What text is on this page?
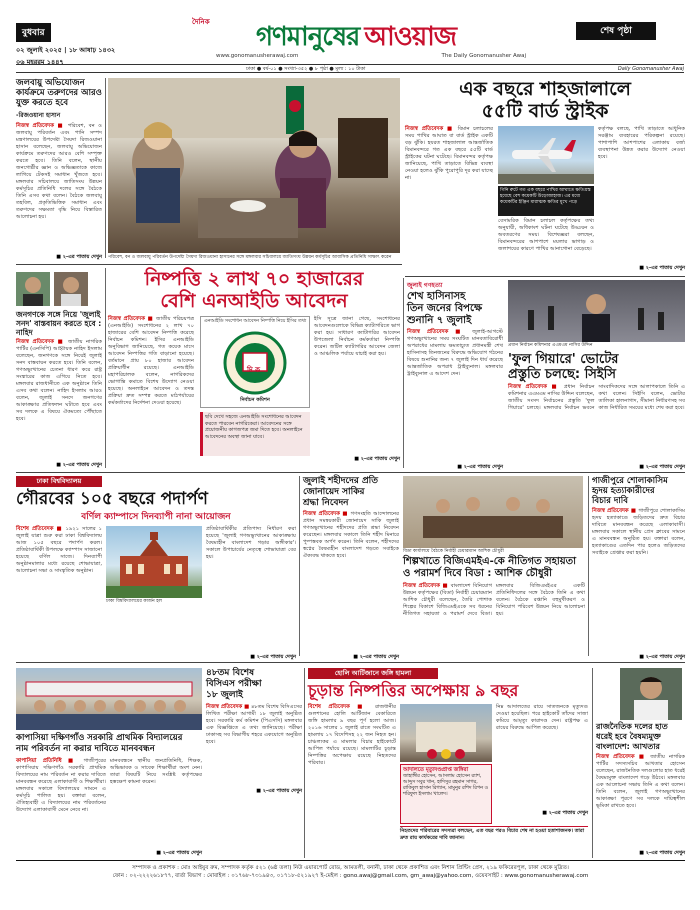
বুধবার
০২ জুলাই ২০২৫ | ১৮ আষাঢ় ১৪৩২
০৬ মহররম ১৪৪৭
দৈনিক গণমানুষের আওয়াজ
www.gonomanusherawaj.com	The Daily Gonomanusher Awaj
শেষ পৃষ্ঠা
ঢাকা ● বর্ষ-০১ ● সংখ্যা-৩৫২ ● ৮ পৃষ্ঠা ● মূল্য : ১০ টাকা	Daily Gonomanusher Awaj
জলবায়ু অভিযোজন কার্যক্রমে তরুণদের আরও যুক্ত করতে হবে
-রিজওয়ানা হাসান
নিজস্ব প্রতিবেদক ■ পরিবেশ, বন ও জলবায়ু পরিবর্তন এবং পানি সম্পদ মন্ত্রণালয়ের উপদেষ্টা সৈয়দা রিজওয়ানা হাসান বলেছেন, জলবায়ু অভিযোজন কার্যক্রমে তরুণদের আরও বেশি সম্পৃক্ত করতে হবে। তিনি বলেন, স্থানীয় জনগোষ্ঠীর জ্ঞান ও অভিজ্ঞতাকে কাজে লাগিয়ে টেকসই সমাধান খুঁজতে হবে। মঙ্গলবার সচিবালয়ে জাতিসংঘ উন্নয়ন কর্মসূচির প্রতিনিধি দলের সঙ্গে বৈঠকে তিনি এসব কথা বলেন। বৈঠকে জলবায়ু তহবিল, প্রকৃতিভিত্তিক সমাধান এবং তরুণদের সক্ষমতা বৃদ্ধি নিয়ে বিস্তারিত আলোচনা হয়।
■ ২-এর পাতায় দেখুন পরিবেশ, বন ও জলবায়ু পরিবর্তন উপদেষ্টা সৈয়দা রিজওয়ানা হাসানের সঙ্গে মঙ্গলবার সচিবালয়ে জাতিসংঘ উন্নয়ন কর্মসূচির আবাসিক প্রতিনিধি সাক্ষাৎ করেন
এক বছরে শাহজালালে
৫৫টি বার্ড স্ট্রাইক
নিজস্ব প্রতিবেদক ■ বিমান চলাচলের সময় পাখির আঘাত বা বার্ড স্ট্রাইক একটি বড় ঝুঁকি। হযরত শাহজালাল আন্তর্জাতিক বিমানবন্দরে গত এক বছরে ৫৫টি বার্ড স্ট্রাইকের ঘটনা ঘটেছে। বিমানবন্দর কর্তৃপক্ষ জানিয়েছে, পাখি তাড়াতে বিভিন্ন ব্যবস্থা নেওয়া হলেও ঝুঁকি পুরোপুরি দূর করা যাচ্ছে না।
গিনি রুটে গত এক বছরে পাখির আঘাতে ক্ষতিগ্রস্ত হয়েছে বেশ কয়েকটি উড়োজাহাজ। এর মধ্যে কয়েকটির ইঞ্জিন মারাত্মক ক্ষতির মুখে পড়ে
বেসামরিক বিমান চলাচল কর্তৃপক্ষের তথ্য অনুযায়ী, অধিকাংশ ঘটনা ঘটেছে উড্ডয়ন ও অবতরণের সময়। বিশেষজ্ঞরা বলছেন, বিমানবন্দরের আশপাশে ময়লার ভাগাড় ও জলাশয়ের কারণে পাখির আনাগোনা বেড়েছে।
কর্তৃপক্ষ বলছে, পাখি তাড়াতে আধুনিক সরঞ্জাম ব্যবহারের পরিকল্পনা রয়েছে। পাশাপাশি আশপাশের এলাকায় বর্জ্য ব্যবস্থাপনা উন্নত করার উদ্যোগ নেওয়া হবে।
■ ২-এর পাতায় দেখুন
জনগণকে সঙ্গে নিয়ে 'জুলাই সনদ' বাস্তবায়ন করতে হবে : নাহিদ
নিজস্ব প্রতিবেদক ■ জাতীয় নাগরিক পার্টির (এনসিপি) আহ্বায়ক নাহিদ ইসলাম বলেছেন, জনগণকে সঙ্গে নিয়েই জুলাই সনদ বাস্তবায়ন করতে হবে। তিনি বলেন, গণঅভ্যুত্থানের চেতনা ধারণ করে রাষ্ট্র সংস্কারের কাজ এগিয়ে নিতে হবে। মঙ্গলবার রাজধানীতে এক অনুষ্ঠানে তিনি এসব কথা বলেন। নাহিদ ইসলাম আরও বলেন, জুলাই সনদে জনগণের আকাঙ্ক্ষার প্রতিফলন ঘটাতে হবে এবং সব দলকে এ বিষয়ে ঐকমত্যে পৌঁছাতে হবে।
■ ২-এর পাতায় দেখুন
নিষ্পত্তি ২ লাখ ৭০ হাজারের
বেশি এনআইডি আবেদন
নিজস্ব প্রতিবেদক ■ জাতীয় পরিচয়পত্র (এনআইডি) সংশোধনের ২ লাখ ৭০ হাজারের বেশি আবেদন নিষ্পত্তি করেছে নির্বাচন কমিশন। ইসির এনআইডি অনুবিভাগ জানিয়েছে, গত কয়েক মাসে আবেদন নিষ্পত্তির গতি বাড়ানো হয়েছে। বর্তমানে প্রায় ৮০ হাজার আবেদন প্রক্রিয়াধীন রয়েছে। এনআইডি মহাপরিচালক বলেন, নাগরিকদের ভোগান্তি কমাতে বিশেষ উদ্যোগ নেওয়া হয়েছে। অনলাইনে আবেদন ও তদন্ত প্রক্রিয়া দ্রুত সম্পন্ন করতে মাঠপর্যায়ের কর্মকর্তাদের নির্দেশনা দেওয়া হয়েছে।
এনআইডি সংশোধন আবেদন নিষ্পত্তি নিয়ে ইসির তথ্য
দি ক
নির্বাচন কমিশন
ইসি সূত্রে জানা গেছে, সংশোধনের আবেদনগুলোকে বিভিন্ন ক্যাটাগরিতে ভাগ করা হয়। সাধারণ ক্যাটাগরির আবেদন উপজেলা নির্বাচন কর্মকর্তারা নিষ্পত্তি করেন। জটিল ক্যাটাগরির আবেদন জেলা ও আঞ্চলিক পর্যায়ে যাচাই করা হয়।
ছবি দেখে সহজে এনআইডি সংশোধনের আবেদন করতে পারবেন নাগরিকেরা। আবেদনের সঙ্গে প্রয়োজনীয় কাগজপত্র জমা দিতে হবে। অনলাইনে আবেদনের অবস্থা জানা যাবে।
■ ২-এর পাতায় দেখুন
জুলাই গণহত্যা
শেখ হাসিনাসহ
তিন জনের বিপক্ষে
শুনানি ৭ জুলাই
নিজস্ব প্রতিবেদক ■ জুলাই-আগস্টে গণঅভ্যুত্থানের সময় সংঘটিত মানবতাবিরোধী অপরাধের মামলায় ক্ষমতাচ্যুত প্রধানমন্ত্রী শেখ হাসিনাসহ তিনজনের বিরুদ্ধে অভিযোগ গঠনের বিষয়ে শুনানির জন্য ৭ জুলাই দিন ধার্য করেছে আন্তর্জাতিক অপরাধ ট্রাইব্যুনাল। মঙ্গলবার ট্রাইব্যুনাল এ আদেশ দেন।
■ ২-এর পাতায় দেখুন
প্রধান নির্বাচন কমিশনার এএমএম নাসির উদ্দিন
'ফুল গিয়ারে' ভোটের
প্রস্তুতি চলছে: সিইসি
নিজস্ব প্রতিবেদক ■ প্রধান নির্বাচন কমিশনার এএমএম নাসির উদ্দিন বলেছেন, জাতীয় সংসদ নির্বাচনের প্রস্তুতি 'ফুল গিয়ারে' চলছে। মঙ্গলবার নির্বাচন ভবনে সাংবাদিকদের সঙ্গে আলাপকালে তিনি এ কথা বলেন। সিইসি বলেন, ভোটার তালিকা হালনাগাদ, সীমানা নির্ধারণসহ সব কাজ নির্ধারিত সময়ের মধ্যে শেষ করা হবে।
■ ২-এর পাতায় দেখুন
ঢাকা বিশ্ববিদ্যালয়
গৌরবের ১০৫ বছরে পদার্পণ
বর্ণিল ক্যাম্পাসে দিনব্যাপী নানা আয়োজন
বিশেষ প্রতিবেদক ■ ১৯২১ সালের ১ জুলাই যাত্রা শুরু করা ঢাকা বিশ্ববিদ্যালয় আজ ১০৫ বছরে পদার্পণ করল। প্রতিষ্ঠাবার্ষিকী উপলক্ষে ক্যাম্পাস সাজানো হয়েছে বর্ণিল সাজে। দিনব্যাপী অনুষ্ঠানমালার মধ্যে রয়েছে শোভাযাত্রা, আলোচনা সভা ও সাংস্কৃতিক অনুষ্ঠান।
ঢাকা বিশ্ববিদ্যালয়ের কার্জন হল
প্রতিষ্ঠাবার্ষিকীর প্রতিপাদ্য নির্ধারণ করা হয়েছে 'জুলাই গণঅভ্যুত্থানের আকাঙ্ক্ষায় বৈষম্যহীন বাংলাদেশ গড়ার অঙ্গীকার'। সকালে উপাচার্যের নেতৃত্বে শোভাযাত্রা বের হয়।
■ ২-এর পাতায় দেখুন
জুলাই শহীদদের প্রতি
জোনায়েদ সাকির
শ্রদ্ধা নিবেদন
নিজস্ব প্রতিবেদক ■ গণসংহতি আন্দোলনের প্রধান সমন্বয়কারী জোনায়েদ সাকি জুলাই গণঅভ্যুত্থানের শহীদদের প্রতি শ্রদ্ধা নিবেদন করেছেন। মঙ্গলবার সকালে তিনি শহীদ মিনারে পুষ্পস্তবক অর্পণ করেন। তিনি বলেন, শহীদদের স্বপ্নের বৈষম্যহীন বাংলাদেশ গড়তে সবাইকে ঐক্যবদ্ধ থাকতে হবে।
■ ২-এর পাতায় দেখুন
বিডা কার্যালয়ে বৈঠকে নির্বাহী চেয়ারম্যান আশিক চৌধুরী
শিল্পখাতে বিজিএমইএ-কে নীতিগত সহায়তা
ও পরামর্শ দিবে বিডা : আশিক চৌধুরী
নিজস্ব প্রতিবেদক ■ বাংলাদেশ বিনিয়োগ উন্নয়ন কর্তৃপক্ষের (বিডা) নির্বাহী চেয়ারম্যান আশিক চৌধুরী বলেছেন, তৈরি পোশাক শিল্পের বিকাশে বিজিএমইএকে সব ধরনের নীতিগত সহায়তা ও পরামর্শ দেবে বিডা। মঙ্গলবার বিজিএমইএর একটি প্রতিনিধিদলের সঙ্গে বৈঠকে তিনি এ কথা বলেন। বৈঠকে রপ্তানি বহুমুখীকরণ ও বিনিয়োগ পরিবেশ উন্নয়ন নিয়ে আলোচনা হয়।
গাজীপুরে শোলাকাসিম
হৃদয় হত্যাকারীদের
বিচার দাবি
নিজস্ব প্রতিবেদক ■ গাজীপুরে শোলাকাসিম হৃদয় হত্যাকাণ্ডে জড়িতদের দ্রুত বিচার দাবিতে মানববন্ধন করেছে এলাকাবাসী। মঙ্গলবার সকালে স্থানীয় প্রেস ক্লাবের সামনে এ মানববন্ধন অনুষ্ঠিত হয়। বক্তারা বলেন, হত্যাকাণ্ডের এতদিন পার হলেও জড়িতদের সবাইকে গ্রেপ্তার করা হয়নি।
■ ২-এর পাতায় দেখুন
৪৮তম বিশেষ
বিসিএস পরীক্ষা
১৮ জুলাই
নিজস্ব প্রতিবেদক ■ ৪৮তম বিশেষ বিসিএসের লিখিত পরীক্ষা আগামী ১৮ জুলাই অনুষ্ঠিত হবে। সরকারি কর্ম কমিশন (পিএসসি) মঙ্গলবার এক বিজ্ঞপ্তিতে এ তথ্য জানিয়েছে। পরীক্ষা ঢাকাসহ সব বিভাগীয় শহরে একযোগে অনুষ্ঠিত হবে।
■ ২-এর পাতায় দেখুন
কাপাসিয়া দক্ষিণগাঁও সরকারি প্রাথমিক বিদ্যালয়ের
নাম পরিবর্তন না করার দাবিতে মানববন্ধন
কাপাসিয়া প্রতিনিধি ■ গাজীপুরের কাপাসিয়ায় দক্ষিণগাঁও সরকারি প্রাথমিক বিদ্যালয়ের নাম পরিবর্তন না করার দাবিতে মানববন্ধন করেছে এলাকাবাসী ও শিক্ষার্থীরা। মঙ্গলবার সকালে বিদ্যালয়ের সামনে এ কর্মসূচি পালিত হয়। বক্তারা বলেন, ঐতিহ্যবাহী এ বিদ্যালয়ের নাম পরিবর্তনের উদ্যোগ এলাকাবাসী মেনে নেবে না।
মানববন্ধনে স্থানীয় জনপ্রতিনিধি, শিক্ষক, অভিভাবক ও সাবেক শিক্ষার্থীরা অংশ নেন। তারা বিষয়টি নিয়ে সংশ্লিষ্ট কর্তৃপক্ষের হস্তক্ষেপ কামনা করেন।
■ ২-এর পাতায় দেখুন
হোলি আর্টিজানে জঙ্গি হামলা
চূড়ান্ত নিষ্পত্তির অপেক্ষায় ৯ বছর
বিশেষ প্রতিবেদক ■ রাজধানীর গুলশানের হোলি আর্টিজান বেকারিতে জঙ্গি হামলার ৯ বছর পূর্ণ হলো আজ। ২০১৬ সালের ১ জুলাই রাতে সংঘটিত এ হামলায় ১৭ বিদেশিসহ ২২ জন নিহত হন। চাঞ্চল্যকর এ মামলার বিচার হাইকোর্টে আপিল পর্যায়ে রয়েছে। মামলাটির চূড়ান্ত নিষ্পত্তির অপেক্ষায় রয়েছে নিহতদের পরিবার।
আদালতে মৃত্যুদণ্ডপ্রাপ্ত জঙ্গিরা
জাহাঙ্গীর হোসেন, আসলাম হোসেন র‍্যাশ, আব্দুস সবুর খান, হাদিসুর রহমান সাগর, রাকিবুল হাসান রিগ্যান, মামুনুর রশিদ রিপন ও শরিফুল ইসলাম খালেদ।
নিম্ন আদালতের রায়ে সাতজনকে মৃত্যুদণ্ড দেওয়া হয়েছিল। পরে হাইকোর্ট তাঁদের সাজা কমিয়ে আমৃত্যু কারাদণ্ড দেন। রাষ্ট্রপক্ষ এ রায়ের বিরুদ্ধে আপিল করেছে।
নিহতদের পরিবারের সদস্যরা বলছেন, এত বছর পরও বিচার শেষ না হওয়া হতাশাজনক। তারা দ্রুত রায় কার্যকরের দাবি জানান।
■ ২-এর পাতায় দেখুন
রাজনৈতিক দলের হাত
ধরেই হবে বৈষম্যমুক্ত
বাংলাদেশ: আখতার
নিজস্ব প্রতিবেদক ■ জাতীয় নাগরিক পার্টির সদস্যসচিব আখতার হোসেন বলেছেন, রাজনৈতিক দলগুলোর হাত ধরেই বৈষম্যমুক্ত বাংলাদেশ গড়ে উঠবে। মঙ্গলবার এক আলোচনা সভায় তিনি এ কথা বলেন। তিনি বলেন, জুলাই গণঅভ্যুত্থানের আকাঙ্ক্ষা পূরণে সব দলকে দায়িত্বশীল ভূমিকা রাখতে হবে।
■ ২-এর পাতায় দেখুন
সম্পাদক ও প্রকাশক : মোঃ আইয়ুব রুম, সম্পাদক কর্তৃক ৫২১ (৬ষ্ঠ তলা) নিউ এয়ারপোর্ট রোড, আমতলী, বনানী, ঢাকা থেকে প্রকাশিত এবং নিশান প্রিন্টিং প্রেস, ২১৯ ফকিরেরপুল, ঢাকা থেকে মুদ্রিত।
ফোন : ০২-২২২২৬১৮৭৭, বার্তা বিভাগ : মোবাইল : ০১৭৬৮-৭৩১৯৪৩, ০১৭১৮-৫২১৯২৭ ই-মেইল : gono.awaj@gmail.com, gm_awaj@yahoo.com, ওয়েবসাইট : www.gonomanusherawaj.com
